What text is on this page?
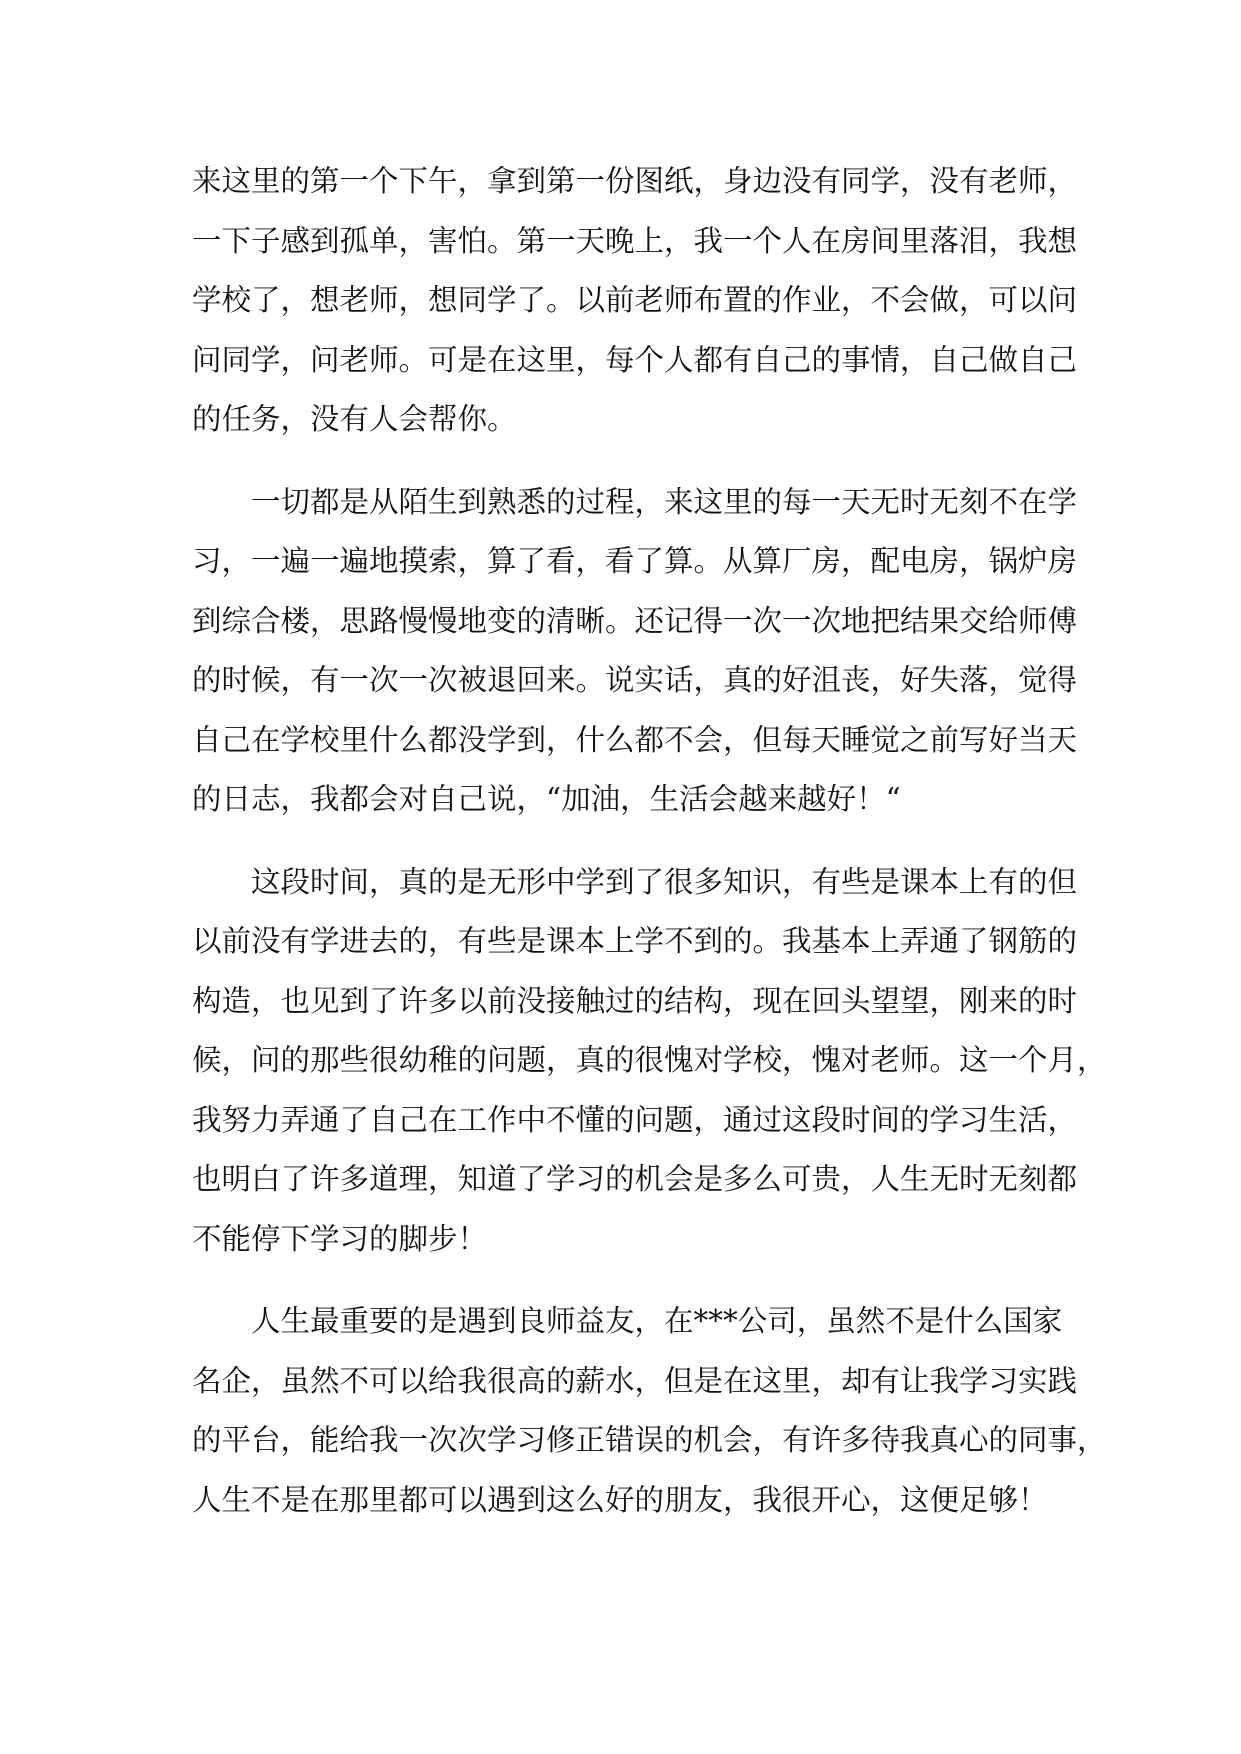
来这里的第一个下午，拿到第一份图纸，身边没有同学，没有老师，
一下子感到孤单，害怕。第一天晚上，我一个人在房间里落泪，我想
学校了，想老师，想同学了。以前老师布置的作业，不会做，可以问
问同学，问老师。可是在这里，每个人都有自己的事情，自己做自己
的任务，没有人会帮你。
一切都是从陌生到熟悉的过程，来这里的每一天无时无刻不在学
习，一遍一遍地摸索，算了看，看了算。从算厂房，配电房，锅炉房
到综合楼，思路慢慢地变的清晰。还记得一次一次地把结果交给师傅
的时候，有一次一次被退回来。说实话，真的好沮丧，好失落，觉得
自己在学校里什么都没学到，什么都不会，但每天睡觉之前写好当天
的日志，我都会对自己说，“加油，生活会越来越好！“
这段时间，真的是无形中学到了很多知识，有些是课本上有的但
以前没有学进去的，有些是课本上学不到的。我基本上弄通了钢筋的
构造，也见到了许多以前没接触过的结构，现在回头望望，刚来的时
候，问的那些很幼稚的问题，真的很愧对学校，愧对老师。这一个月，
我努力弄通了自己在工作中不懂的问题，通过这段时间的学习生活，
也明白了许多道理，知道了学习的机会是多么可贵，人生无时无刻都
不能停下学习的脚步！
人生最重要的是遇到良师益友，在***公司，虽然不是什么国家
名企，虽然不可以给我很高的薪水，但是在这里，却有让我学习实践
的平台，能给我一次次学习修正错误的机会，有许多待我真心的同事，
人生不是在那里都可以遇到这么好的朋友，我很开心，这便足够！
